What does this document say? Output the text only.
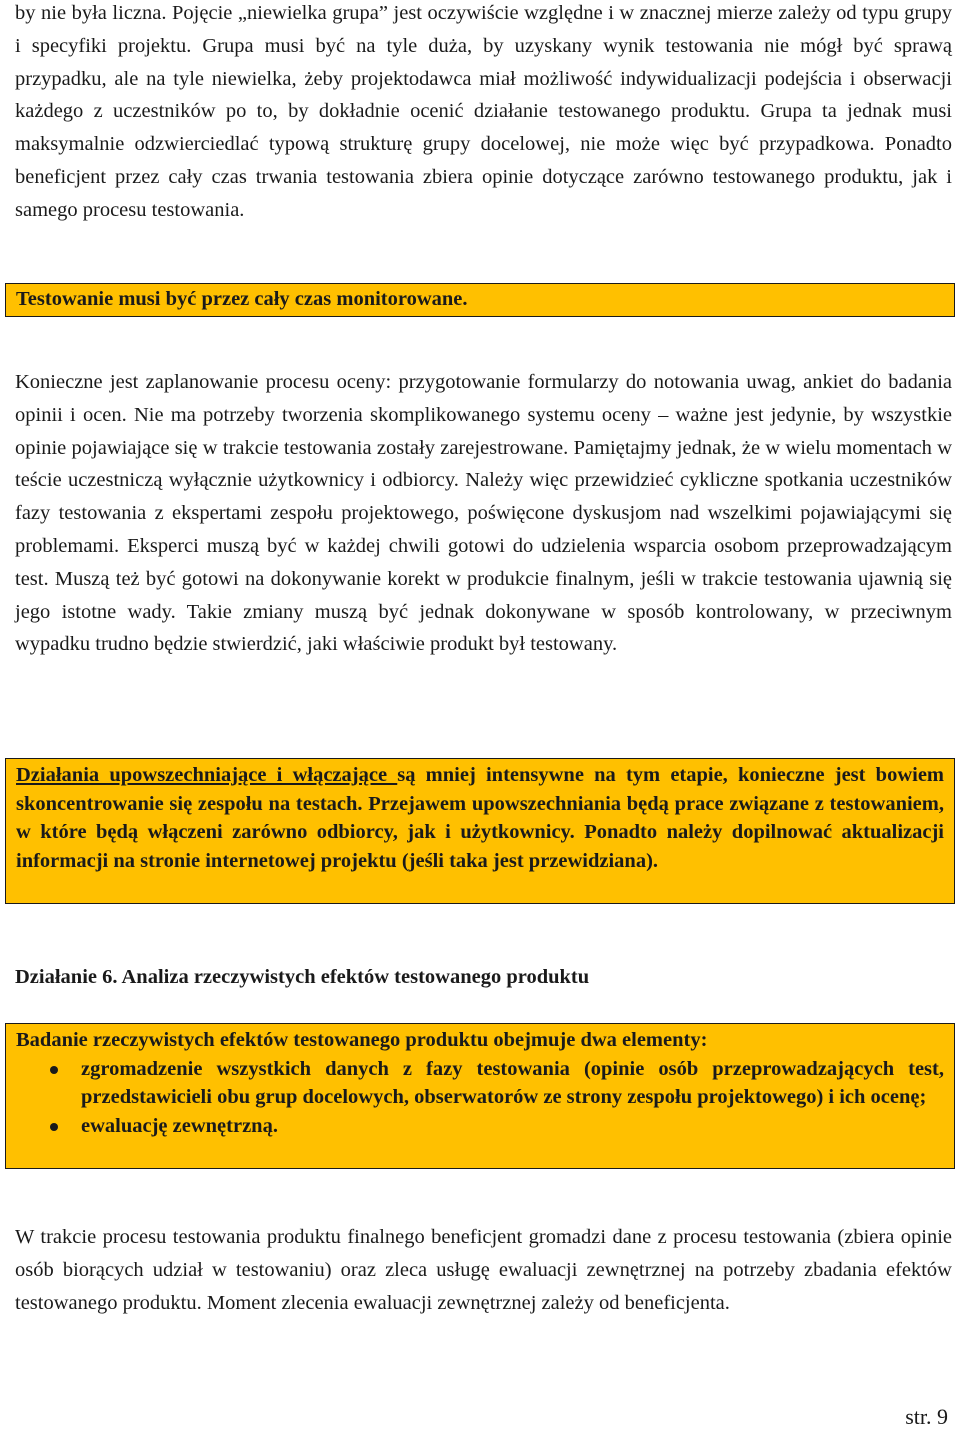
by nie była liczna. Pojęcie „niewielka grupa” jest oczywiście względne i w znacznej mierze zależy od typu grupy i specyfiki projektu. Grupa musi być na tyle duża, by uzyskany wynik testowania nie mógł być sprawą przypadku, ale na tyle niewielka, żeby projektodawca miał możliwość indywidualizacji podejścia i obserwacji każdego z uczestników po to, by dokładnie ocenić działanie testowanego produktu. Grupa ta jednak musi maksymalnie odzwierciedlać typową strukturę grupy docelowej, nie może więc być przypadkowa. Ponadto beneficjent przez cały czas trwania testowania zbiera opinie dotyczące zarówno testowanego produktu, jak i samego procesu testowania.

Testowanie musi być przez cały czas monitorowane.

Konieczne jest zaplanowanie procesu oceny: przygotowanie formularzy do notowania uwag, ankiet do badania opinii i ocen. Nie ma potrzeby tworzenia skomplikowanego systemu oceny – ważne jest jedynie, by wszystkie opinie pojawiające się w trakcie testowania zostały zarejestrowane. Pamiętajmy jednak, że w wielu momentach w teście uczestniczą wyłącznie użytkownicy i odbiorcy. Należy więc przewidzieć cykliczne spotkania uczestników fazy testowania z ekspertami zespołu projektowego, poświęcone dyskusjom nad wszelkimi pojawiającymi się problemami. Eksperci muszą być w każdej chwili gotowi do udzielenia wsparcia osobom przeprowadzającym test. Muszą też być gotowi na dokonywanie korekt w produkcie finalnym, jeśli w trakcie testowania ujawnią się jego istotne wady. Takie zmiany muszą być jednak dokonywane w sposób kontrolowany, w przeciwnym wypadku trudno będzie stwierdzić, jaki właściwie produkt był testowany.

Działania upowszechniające i włączające są mniej intensywne na tym etapie, konieczne jest bowiem skoncentrowanie się zespołu na testach. Przejawem upowszechniania będą prace związane z testowaniem, w które będą włączeni zarówno odbiorcy, jak i użytkownicy. Ponadto należy dopilnować aktualizacji informacji na stronie internetowej projektu (jeśli taka jest przewidziana).

Działanie 6. Analiza rzeczywistych efektów testowanego produktu

Badanie rzeczywistych efektów testowanego produktu obejmuje dwa elementy:

zgromadzenie wszystkich danych z fazy testowania (opinie osób przeprowadzających test, przedstawicieli obu grup docelowych, obserwatorów ze strony zespołu projektowego) i ich ocenę;
ewaluację zewnętrzną.

W trakcie procesu testowania produktu finalnego beneficjent gromadzi dane z procesu testowania (zbiera opinie osób biorących udział w testowaniu) oraz zleca usługę ewaluacji zewnętrznej na potrzeby zbadania efektów testowanego produktu. Moment zlecenia ewaluacji zewnętrznej zależy od beneficjenta.

str. 9
